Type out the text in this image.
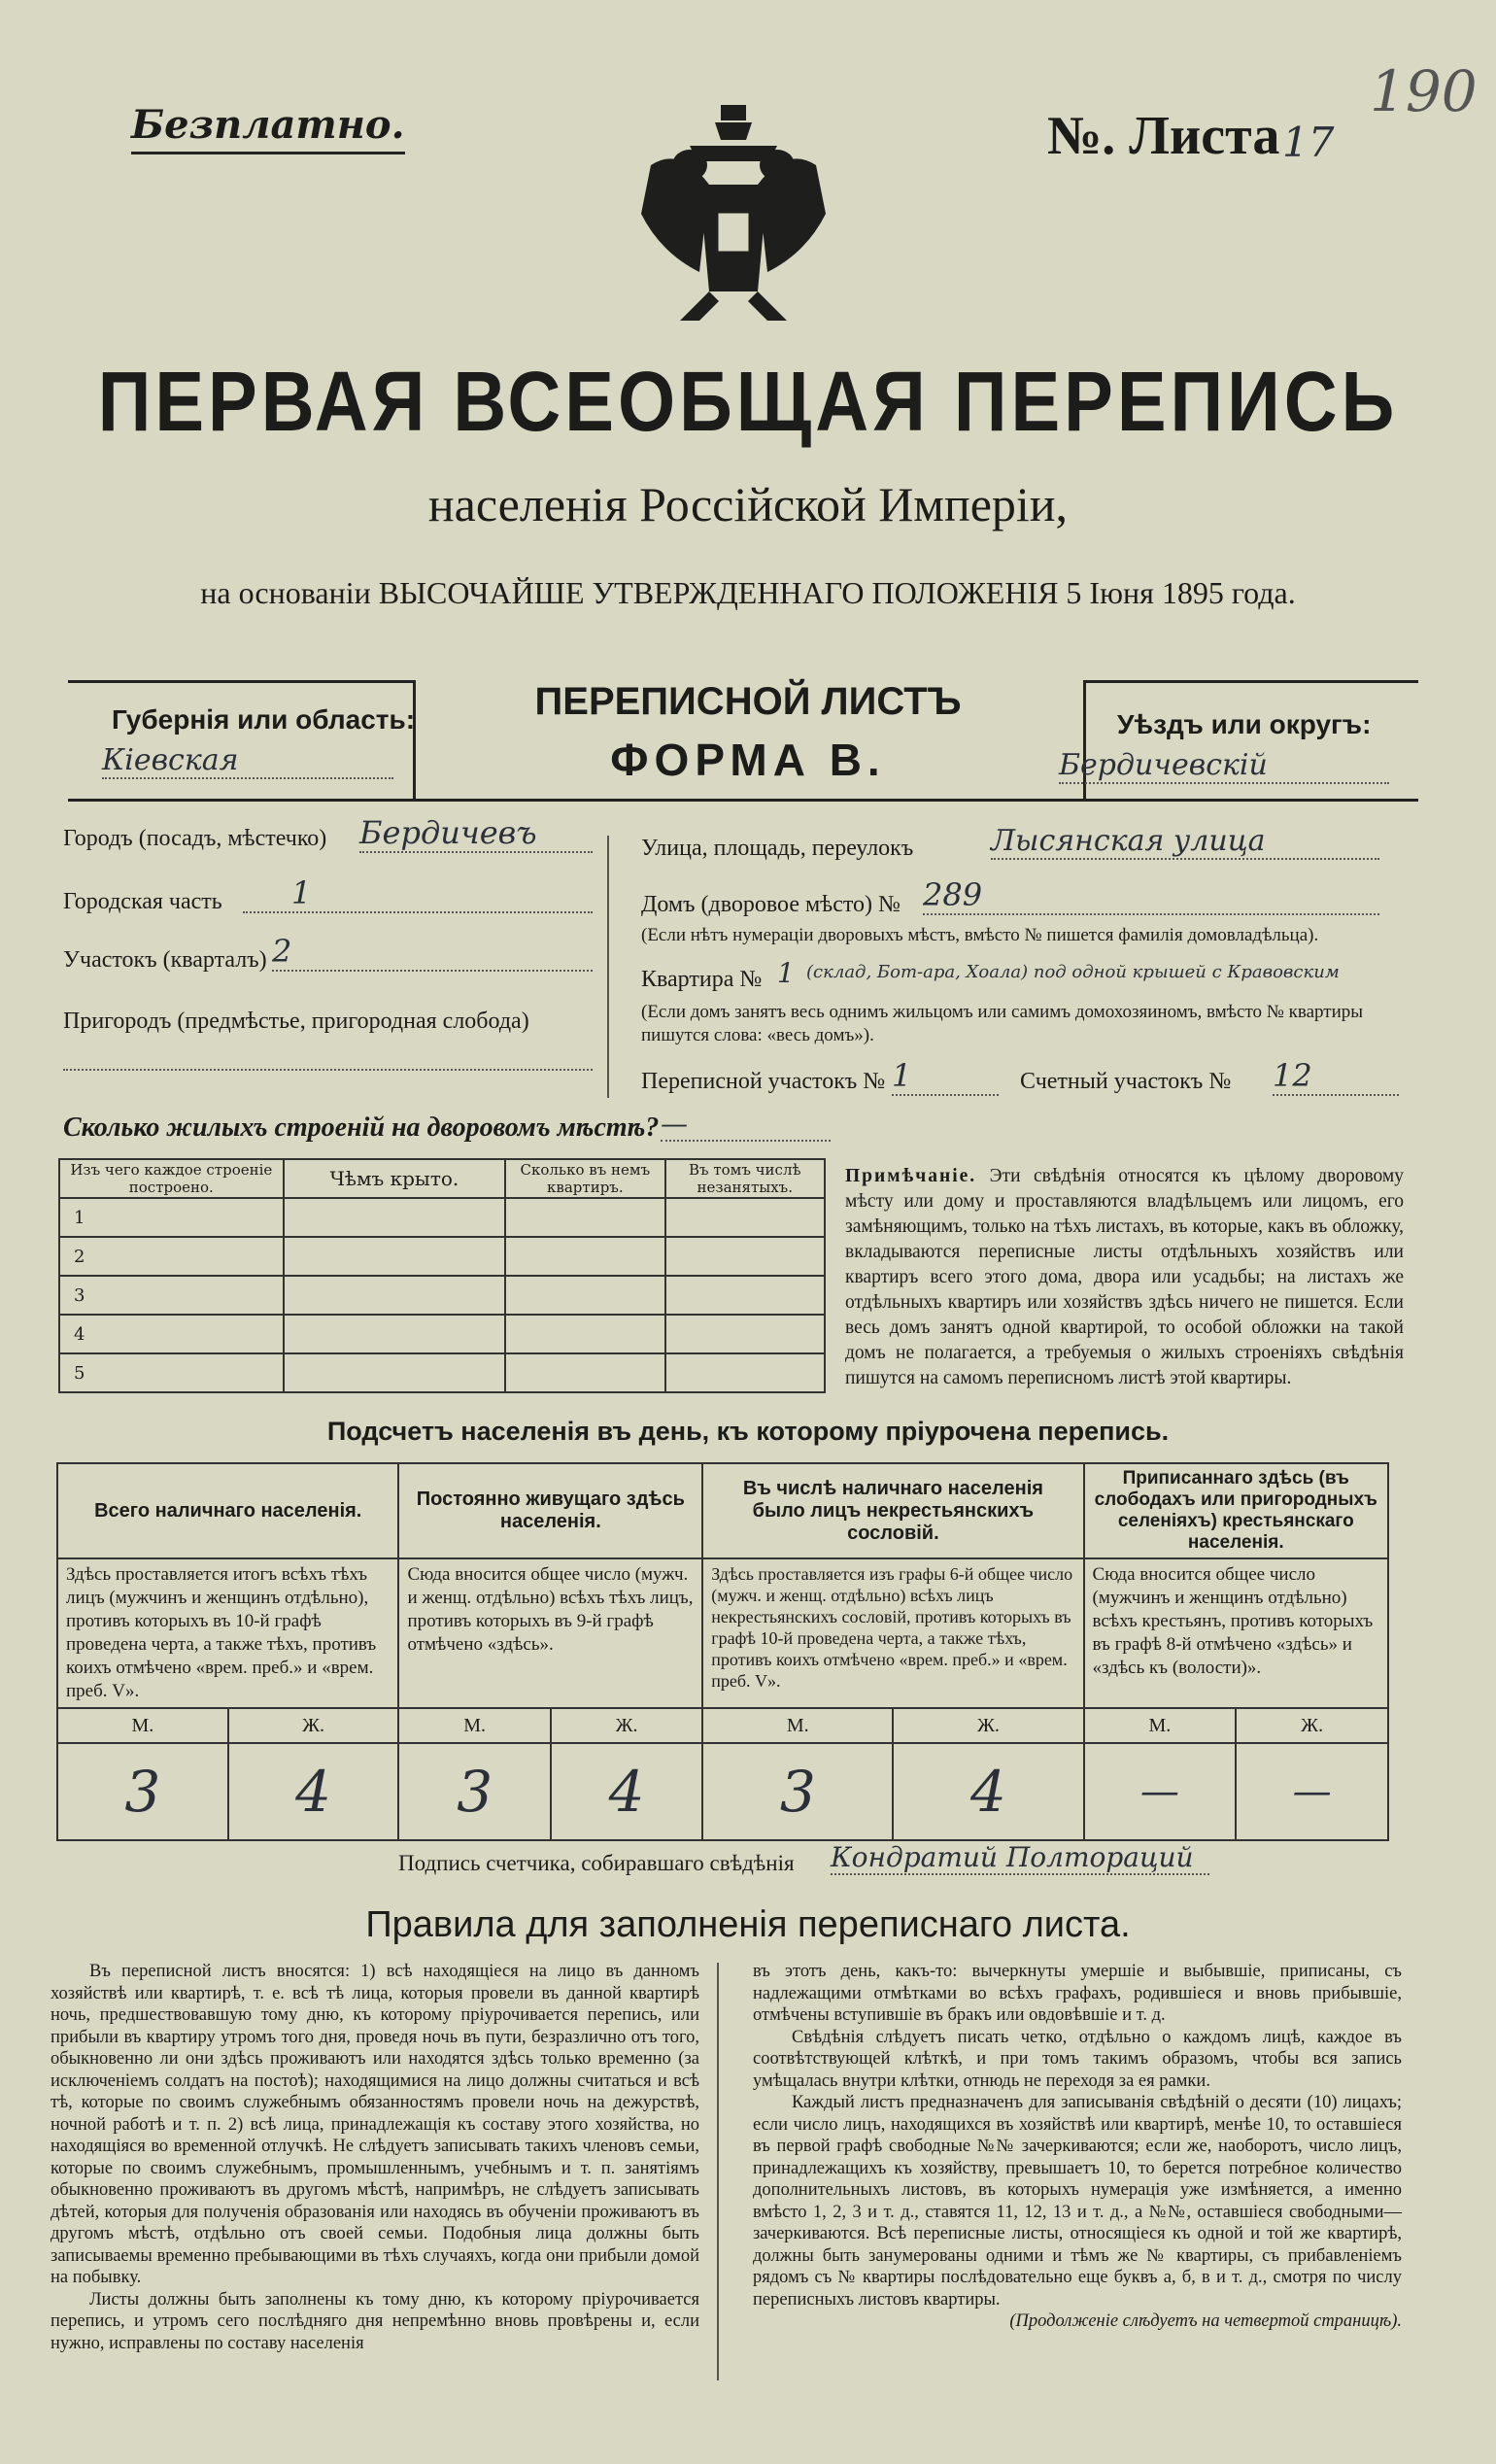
Безплатно.	№. Листа 17
190
ПЕРВАЯ ВСЕОБЩАЯ ПЕРЕПИСЬ
населенія Россійской Имперіи,
на основаніи ВЫСОЧАЙШЕ УТВЕРЖДЕННАГО ПОЛОЖЕНІЯ 5 Іюня 1895 года.
Губернія или область:
Кіевская
ПЕРЕПИСНОЙ ЛИСТЪ
ФОРМА В.
Уѣздъ или округъ:
Бердичевскій
Городъ (посадъ, мѣстечко) Бердичевъ
Городская часть	1
Участокъ (кварталъ) 2
Пригородъ (предмѣстье, пригородная слобода)
Улица, площадь, переулокъ	Лысянская улица
Домъ (дворовое мѣсто) № 289
(Если нѣтъ нумераціи дворовыхъ мѣстъ, вмѣсто № пишется фамилія домовладѣльца).
Квартира № 1 (склад, Бот-ара, Хоала) под одной крышей с Кравовским
(Если домъ занятъ весь однимъ жильцомъ или самимъ домохозяиномъ, вмѣсто № квартиры пишутся слова: «весь домъ»).
Переписной участокъ № 1	Счетный участокъ № 12
Сколько жилыхъ строеній на дворовомъ мѣстѣ? —
Изъ чего каждое строеніе построено.	Чѣмъ крыто.	Сколько въ немъ квартиръ.	Въ томъ числѣ незанятыхъ.
1			
2			
3			
4			
5			
Примѣчаніе. Эти свѣдѣнія относятся къ цѣлому дворовому мѣсту или дому и проставляются владѣльцемъ или лицомъ, его замѣняющимъ, только на тѣхъ листахъ, въ которые, какъ въ обложку, вкладываются переписные листы отдѣльныхъ хозяйствъ или квартиръ всего этого дома, двора или усадьбы; на листахъ же отдѣльныхъ квартиръ или хозяйствъ здѣсь ничего не пишется. Если весь домъ занятъ одной квартирой, то особой обложки на такой домъ не полагается, а требуемыя о жилыхъ строеніяхъ свѣдѣнія пишутся на самомъ переписномъ листѣ этой квартиры.
Подсчетъ населенія въ день, къ которому пріурочена перепись.
Всего наличнаго населенія.		Постоянно живущаго здѣсь населенія.		Въ числѣ наличнаго населенія было лицъ некрестьянскихъ сословій.		Приписаннаго здѣсь (въ слободахъ или пригородныхъ селеніяхъ) крестьянскаго населенія.	
Здѣсь проставляется итогъ всѣхъ тѣхъ лицъ (мужчинъ и женщинъ отдѣльно), противъ которыхъ въ 10-й графѣ проведена черта, а также тѣхъ, противъ коихъ отмѣчено «врем. преб.» и «врем. преб. V».		Сюда вносится общее число (мужч. и женщ. отдѣльно) всѣхъ тѣхъ лицъ, противъ которыхъ въ 9-й графѣ отмѣчено «здѣсь».		Здѣсь проставляется изъ графы 6-й общее число (мужч. и женщ. отдѣльно) всѣхъ лицъ некрестьянскихъ сословій, противъ которыхъ въ графѣ 10-й проведена черта, а также тѣхъ, противъ коихъ отмѣчено «врем. преб.» и «врем. преб. V».		Сюда вносится общее число (мужчинъ и женщинъ отдѣльно) всѣхъ крестьянъ, противъ которыхъ въ графѣ 8-й отмѣчено «здѣсь» и «здѣсь къ (волости)».	
М.	Ж.	М.	Ж.	М.	Ж.	М.	Ж.
3	4	3	4	3	4	—	—
Подпись счетчика, собиравшаго свѣдѣнія Кондратий Полтораций
Правила для заполненія переписнаго листа.

Въ переписной листъ вносятся: 1) всѣ находящіеся на лицо въ данномъ хозяйствѣ или квартирѣ, т. е. всѣ тѣ лица, которыя провели въ данной квартирѣ ночь, предшествовавшую тому дню, къ которому пріурочивается перепись, или прибыли въ квартиру утромъ того дня, проведя ночь въ пути, безразлично отъ того, обыкновенно ли они здѣсь проживаютъ или находятся здѣсь только временно (за исключеніемъ солдатъ на постоѣ); находящимися на лицо должны считаться и всѣ тѣ, которые по своимъ служебнымъ обязанностямъ провели ночь на дежурствѣ, ночной работѣ и т. п. 2) всѣ лица, принадлежащія къ составу этого хозяйства, но находящіяся во временной отлучкѣ. Не слѣдуетъ записывать такихъ членовъ семьи, которые по своимъ служебнымъ, промышленнымъ, учебнымъ и т. п. занятіямъ обыкновенно проживаютъ въ другомъ мѣстѣ, напримѣръ, не слѣдуетъ записывать дѣтей, которыя для полученія образованія или находясь въ обученіи проживаютъ въ другомъ мѣстѣ, отдѣльно отъ своей семьи. Подобныя лица должны быть записываемы временно пребывающими въ тѣхъ случаяхъ, когда они прибыли домой на побывку.

Листы должны быть заполнены къ тому дню, къ которому пріурочивается перепись, и утромъ сего послѣдняго дня непремѣнно вновь провѣрены и, если нужно, исправлены по составу населенія

въ этотъ день, какъ-то: вычеркнуты умершіе и выбывшіе, приписаны, съ надлежащими отмѣтками во всѣхъ графахъ, родившіеся и вновь прибывшіе, отмѣчены вступившіе въ бракъ или овдовѣвшіе и т. д.

Свѣдѣнія слѣдуетъ писать четко, отдѣльно о каждомъ лицѣ, каждое въ соотвѣтствующей клѣткѣ, и при томъ такимъ образомъ, чтобы вся запись умѣщалась внутри клѣтки, отнюдь не переходя за ея рамки.

Каждый листъ предназначенъ для записыванія свѣдѣній о десяти (10) лицахъ; если число лицъ, находящихся въ хозяйствѣ или квартирѣ, менѣе 10, то оставшіеся въ первой графѣ свободные №№ зачеркиваются; если же, наоборотъ, число лицъ, принадлежащихъ къ хозяйству, превышаетъ 10, то берется потребное количество дополнительныхъ листовъ, въ которыхъ нумерація уже измѣняется, а именно вмѣсто 1, 2, 3 и т. д., ставятся 11, 12, 13 и т. д., а №№, оставшіеся свободными—зачеркиваются. Всѣ переписные листы, относящіеся къ одной и той же квартирѣ, должны быть занумерованы одними и тѣмъ же № квартиры, съ прибавленіемъ рядомъ съ № квартиры послѣдовательно еще буквъ а, б, в и т. д., смотря по числу переписныхъ листовъ квартиры.

(Продолженіе слѣдуетъ на четвертой страницѣ).
